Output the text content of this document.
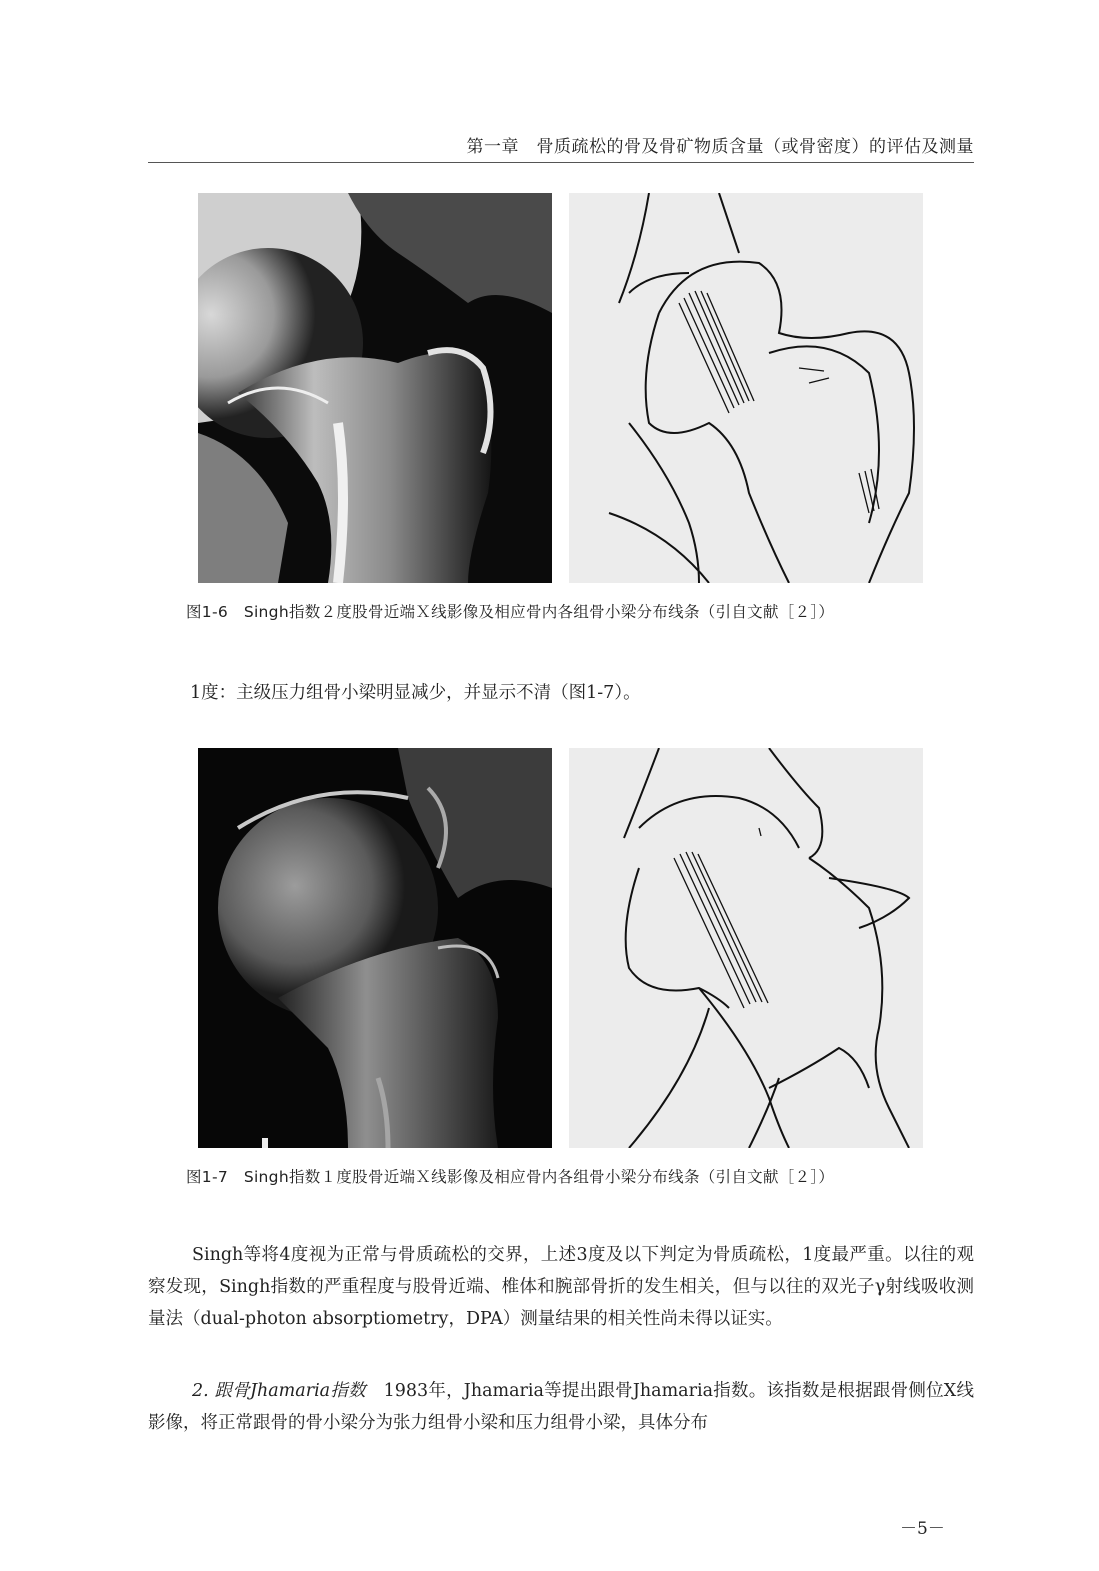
第一章　骨质疏松的骨及骨矿物质含量（或骨密度）的评估及测量
图1-6　Singh指数２度股骨近端Ｘ线影像及相应骨内各组骨小梁分布线条（引自文献［２］）
1度：主级压力组骨小梁明显减少，并显示不清（图1-7）。
图1-7　Singh指数１度股骨近端Ｘ线影像及相应骨内各组骨小梁分布线条（引自文献［２］）
Singh等将4度视为正常与骨质疏松的交界，上述3度及以下判定为骨质疏松，1度最严重。以往的观察发现，Singh指数的严重程度与股骨近端、椎体和腕部骨折的发生相关，但与以往的双光子γ射线吸收测量法（dual-photon absorptiometry，DPA）测量结果的相关性尚未得以证实。
2. 跟骨Jhamaria指数　1983年，Jhamaria等提出跟骨Jhamaria指数。该指数是根据跟骨侧位X线影像，将正常跟骨的骨小梁分为张力组骨小梁和压力组骨小梁，具体分布
－5－
